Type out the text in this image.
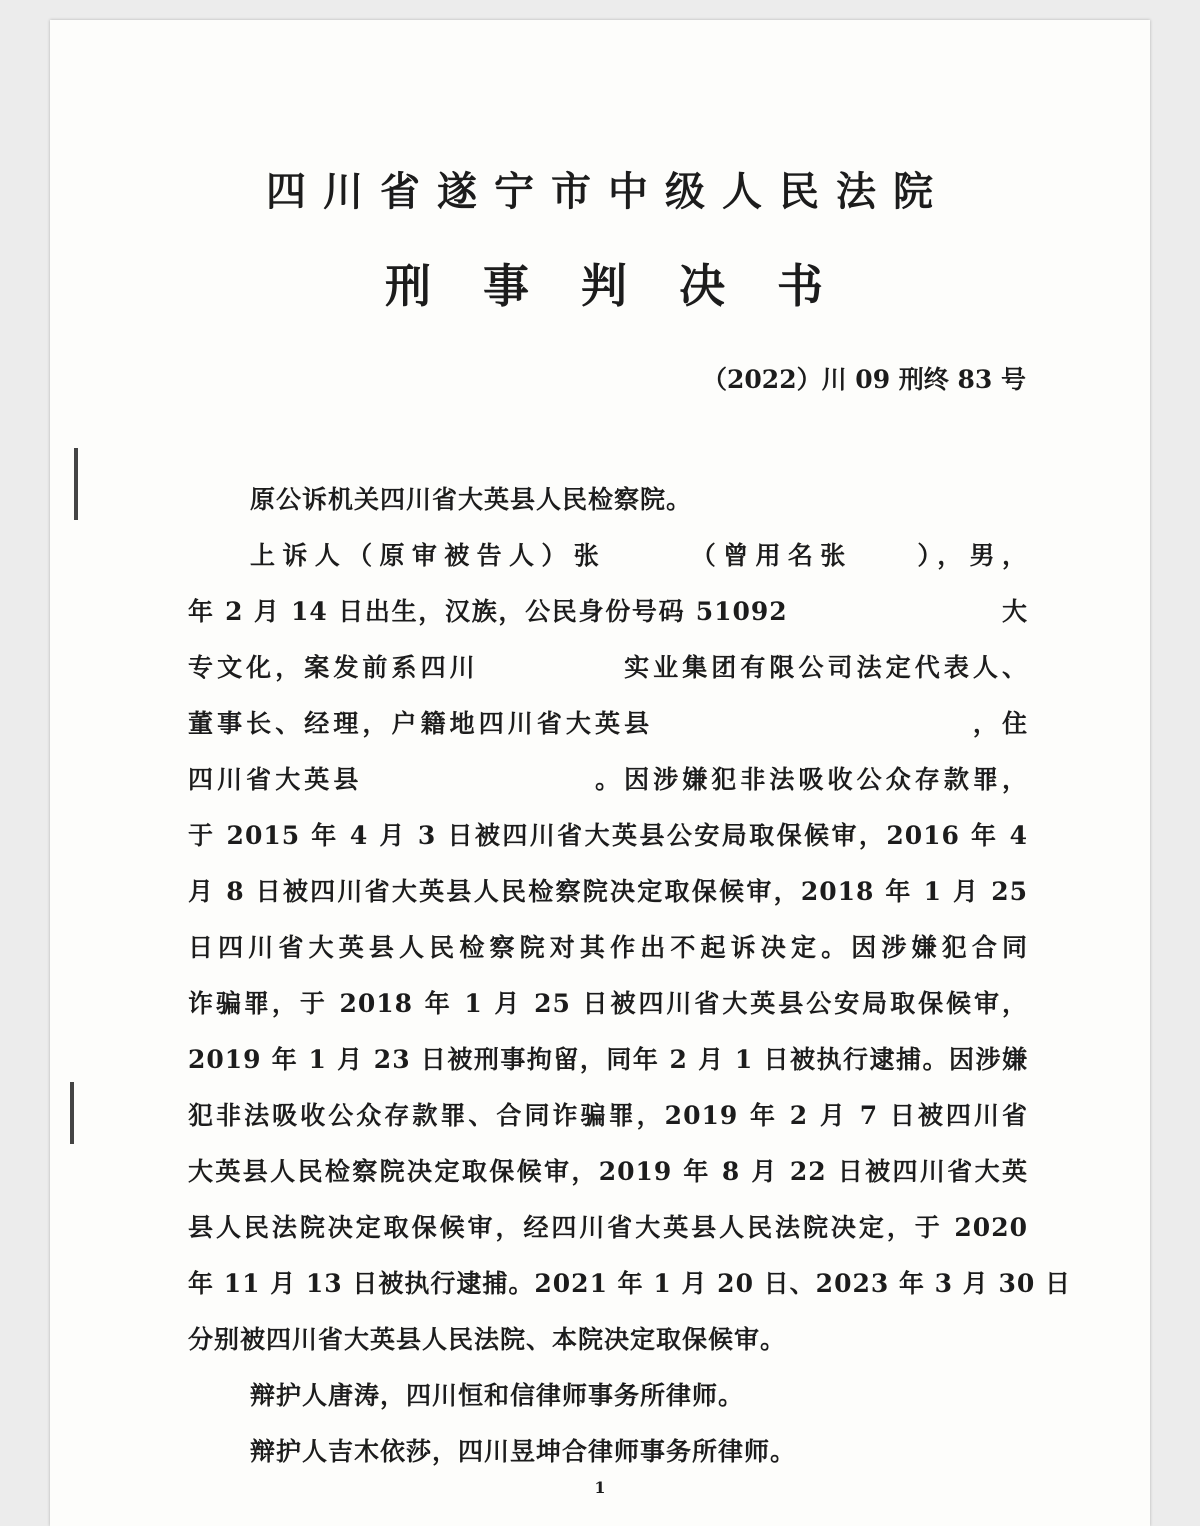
四川省遂宁市中级人民法院
刑事判决书
（2022）川 09 刑终 83 号
原公诉机关四川省大英县人民检察院。
上诉人（原审被告人）张　　　（曾用名张　　），男，
年 2 月 14 日出生，汉族，公民身份号码 51092　　　　　　　　大
专文化，案发前系四川　　　　　实业集团有限公司法定代表人、
董事长、经理，户籍地四川省大英县　　　　　　　　　　　，住
四川省大英县　　　　　　　　。因涉嫌犯非法吸收公众存款罪，
于 2015 年 4 月 3 日被四川省大英县公安局取保候审，2016 年 4
月 8 日被四川省大英县人民检察院决定取保候审，2018 年 1 月 25
日四川省大英县人民检察院对其作出不起诉决定。因涉嫌犯合同
诈骗罪，于 2018 年 1 月 25 日被四川省大英县公安局取保候审，
2019 年 1 月 23 日被刑事拘留，同年 2 月 1 日被执行逮捕。因涉嫌
犯非法吸收公众存款罪、合同诈骗罪，2019 年 2 月 7 日被四川省
大英县人民检察院决定取保候审，2019 年 8 月 22 日被四川省大英
县人民法院决定取保候审，经四川省大英县人民法院决定，于 2020
年 11 月 13 日被执行逮捕。2021 年 1 月 20 日、2023 年 3 月 30 日
分别被四川省大英县人民法院、本院决定取保候审。
辩护人唐涛，四川恒和信律师事务所律师。
辩护人吉木依莎，四川昱坤合律师事务所律师。
1
